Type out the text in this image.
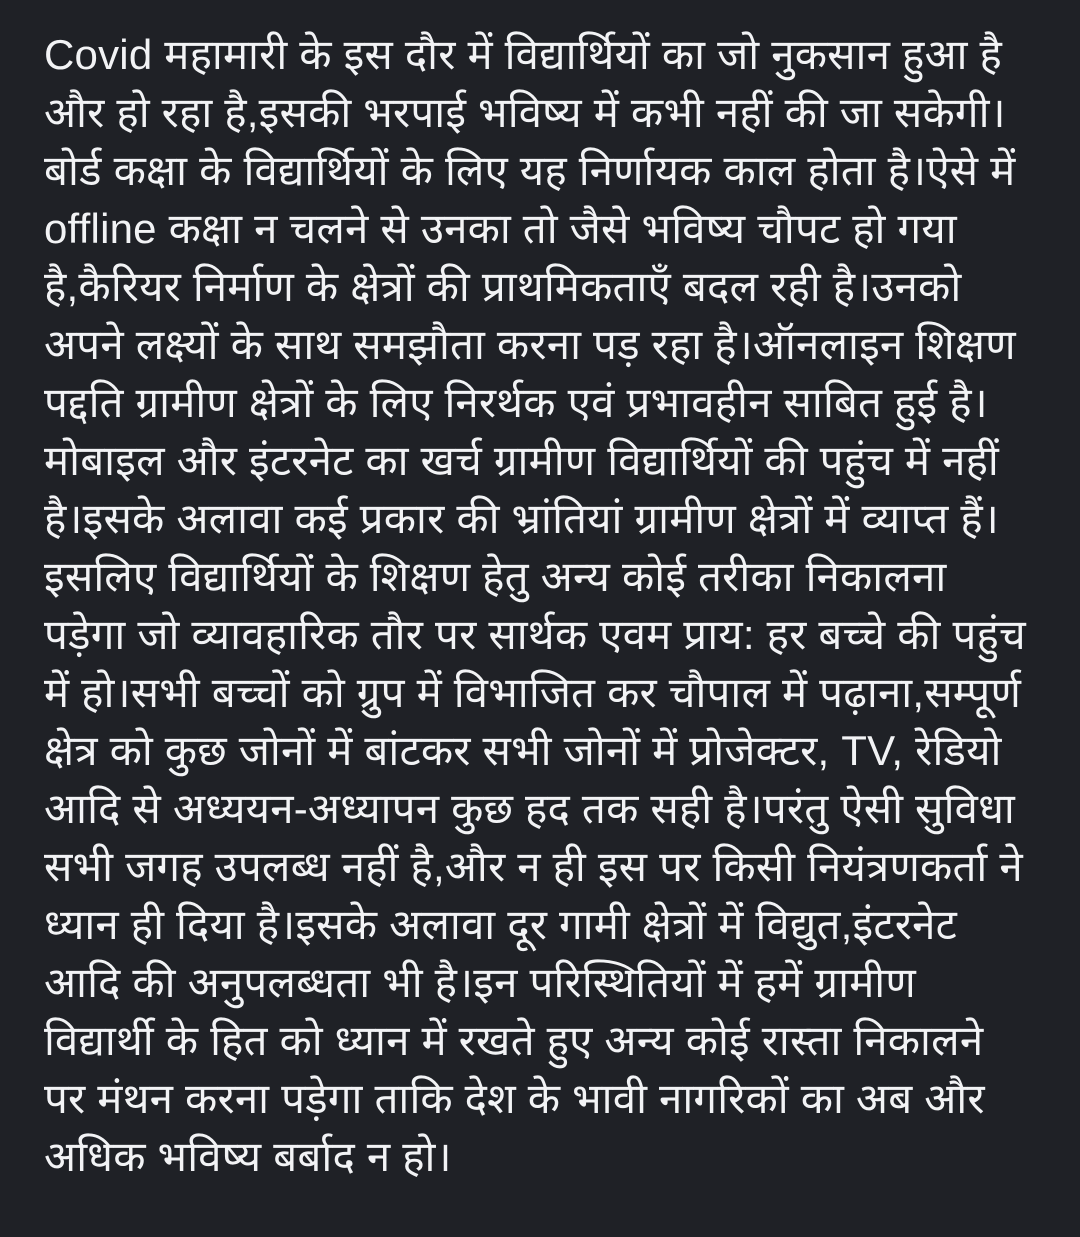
Covid महामारी के इस दौर में विद्यार्थियों का जो नुकसान हुआ है
और हो रहा है,इसकी भरपाई भविष्य में कभी नहीं की जा सकेगी।
बोर्ड कक्षा के विद्यार्थियों के लिए यह निर्णायक काल होता है।ऐसे में
offline कक्षा न चलने से उनका तो जैसे भविष्य चौपट हो गया
है,कैरियर निर्माण के क्षेत्रों की प्राथमिकताएँ बदल रही है।उनको
अपने लक्ष्यों के साथ समझौता करना पड़ रहा है।ऑनलाइन शिक्षण
पद्दति ग्रामीण क्षेत्रों के लिए निरर्थक एवं प्रभावहीन साबित हुई है।
मोबाइल और इंटरनेट का खर्च ग्रामीण विद्यार्थियों की पहुंच में नहीं
है।इसके अलावा कई प्रकार की भ्रांतियां ग्रामीण क्षेत्रों में व्याप्त हैं।
इसलिए विद्यार्थियों के शिक्षण हेतु अन्य कोई तरीका निकालना
पड़ेगा जो व्यावहारिक तौर पर सार्थक एवम प्राय: हर बच्चे की पहुंच
में हो।सभी बच्चों को ग्रुप में विभाजित कर चौपाल में पढ़ाना,सम्पूर्ण
क्षेत्र को कुछ जोनों में बांटकर सभी जोनों में प्रोजेक्टर, TV, रेडियो
आदि से अध्ययन-अध्यापन कुछ हद तक सही है।परंतु ऐसी सुविधा
सभी जगह उपलब्ध नहीं है,और न ही इस पर किसी नियंत्रणकर्ता ने
ध्यान ही दिया है।इसके अलावा दूर गामी क्षेत्रों में विद्युत,इंटरनेट
आदि की अनुपलब्धता भी है।इन परिस्थितियों में हमें ग्रामीण
विद्यार्थी के हित को ध्यान में रखते हुए अन्य कोई रास्ता निकालने
पर मंथन करना पड़ेगा ताकि देश के भावी नागरिकों का अब और
अधिक भविष्य बर्बाद न हो।
